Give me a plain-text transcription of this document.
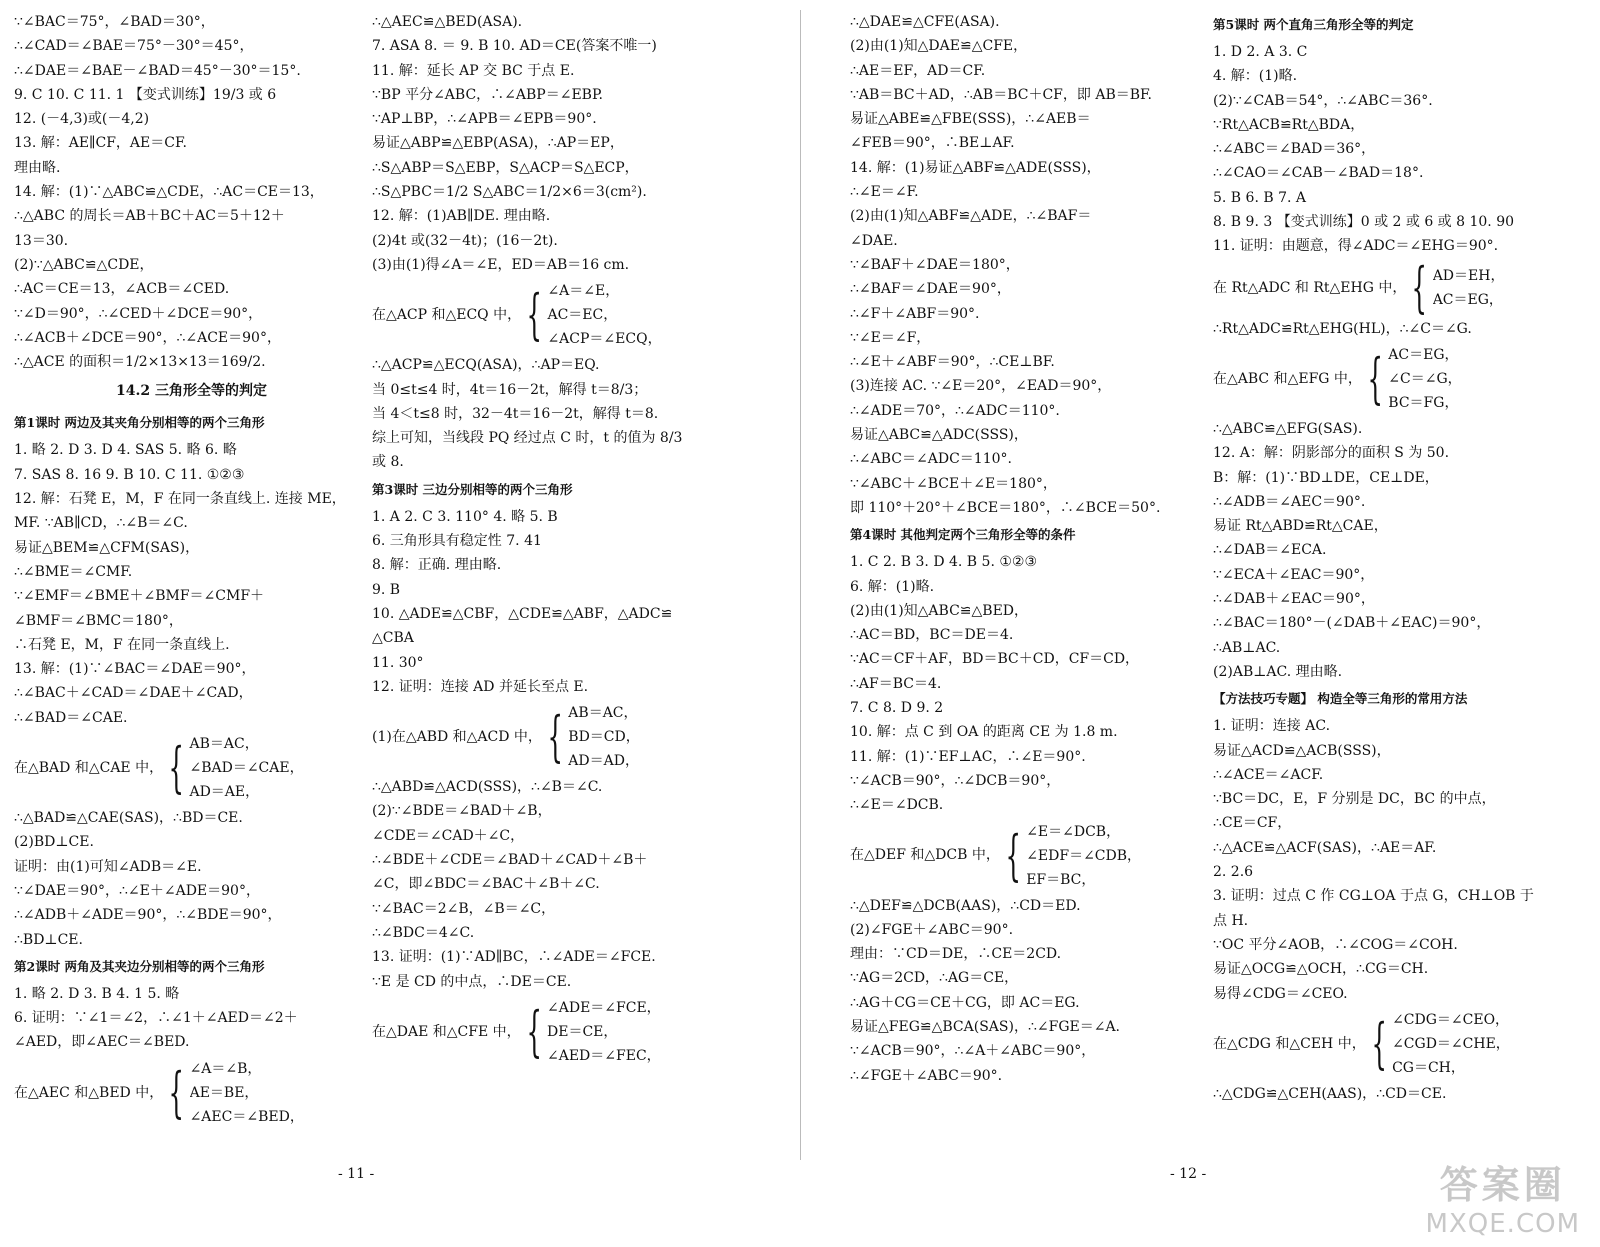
∵∠BAC＝75°，∠BAD＝30°，
∴∠CAD＝∠BAE＝75°－30°＝45°，
∴∠DAE＝∠BAE－∠BAD＝45°－30°＝15°.
9. C 10. C 11. 1 【变式训练】19/3 或 6
12. (－4,3)或(－4,2)
13. 解：AE∥CF，AE＝CF.
理由略.
14. 解：(1)∵△ABC≌△CDE，∴AC＝CE＝13，
∴△ABC 的周长＝AB＋BC＋AC＝5＋12＋
13＝30.
(2)∵△ABC≌△CDE，
∴AC＝CE＝13，∠ACB＝∠CED.
∵∠D＝90°，∴∠CED＋∠DCE＝90°，
∴∠ACB＋∠DCE＝90°，∴∠ACE＝90°，
∴△ACE 的面积＝1/2×13×13＝169/2.
14.2 三角形全等的判定
第1课时 两边及其夹角分别相等的两个三角形
1. 略 2. D 3. D 4. SAS 5. 略 6. 略
7. SAS 8. 16 9. B 10. C 11. ①②③
12. 解：石凳 E，M，F 在同一条直线上. 连接 ME，
MF. ∵AB∥CD，∴∠B＝∠C.
易证△BEM≌△CFM(SAS)，
∴∠BME＝∠CMF.
∵∠EMF＝∠BME＋∠BMF＝∠CMF＋
∠BMF＝∠BMC＝180°，
∴石凳 E，M，F 在同一条直线上.
13. 解：(1)∵∠BAC＝∠DAE＝90°，
∴∠BAC＋∠CAD＝∠DAE＋∠CAD，
∴∠BAD＝∠CAE.
在△BAD 和△CAE 中， { AB＝AC，
∠BAD＝∠CAE，
AD＝AE，
∴△BAD≌△CAE(SAS)，∴BD＝CE.
(2)BD⊥CE.
证明：由(1)可知∠ADB＝∠E.
∵∠DAE＝90°，∴∠E＋∠ADE＝90°，
∴∠ADB＋∠ADE＝90°，∴∠BDE＝90°，
∴BD⊥CE.
第2课时 两角及其夹边分别相等的两个三角形
1. 略 2. D 3. B 4. 1 5. 略
6. 证明：∵∠1＝∠2，∴∠1＋∠AED＝∠2＋
∠AED，即∠AEC＝∠BED.
在△AEC 和△BED 中， { ∠A＝∠B，
AE＝BE，
∠AEC＝∠BED，
∴△AEC≌△BED(ASA).
7. ASA 8. ＝ 9. B 10. AD＝CE(答案不唯一)
11. 解：延长 AP 交 BC 于点 E.
∵BP 平分∠ABC，∴∠ABP＝∠EBP.
∵AP⊥BP，∴∠APB＝∠EPB＝90°.
易证△ABP≌△EBP(ASA)，∴AP＝EP，
∴S△ABP＝S△EBP，S△ACP＝S△ECP，
∴S△PBC＝1/2 S△ABC＝1/2×6＝3(cm²).
12. 解：(1)AB∥DE. 理由略.
(2)4t 或(32－4t)；(16－2t).
(3)由(1)得∠A＝∠E，ED＝AB＝16 cm.
在△ACP 和△ECQ 中， { ∠A＝∠E，
AC＝EC，
∠ACP＝∠ECQ，
∴△ACP≌△ECQ(ASA)，∴AP＝EQ.
当 0≤t≤4 时，4t＝16－2t，解得 t＝8/3；
当 4＜t≤8 时，32－4t＝16－2t，解得 t＝8.
综上可知，当线段 PQ 经过点 C 时，t 的值为 8/3
或 8.
第3课时 三边分别相等的两个三角形
1. A 2. C 3. 110° 4. 略 5. B
6. 三角形具有稳定性 7. 41
8. 解：正确. 理由略.
9. B
10. △ADE≌△CBF，△CDE≌△ABF，△ADC≌
△CBA
11. 30°
12. 证明：连接 AD 并延长至点 E.
(1)在△ABD 和△ACD 中， { AB＝AC，
BD＝CD，
AD＝AD，
∴△ABD≌△ACD(SSS)，∴∠B＝∠C.
(2)∵∠BDE＝∠BAD＋∠B，
∠CDE＝∠CAD＋∠C，
∴∠BDE＋∠CDE＝∠BAD＋∠CAD＋∠B＋
∠C，即∠BDC＝∠BAC＋∠B＋∠C.
∵∠BAC＝2∠B，∠B＝∠C，
∴∠BDC＝4∠C.
13. 证明：(1)∵AD∥BC，∴∠ADE＝∠FCE.
∵E 是 CD 的中点，∴DE＝CE.
在△DAE 和△CFE 中， { ∠ADE＝∠FCE，
DE＝CE，
∠AED＝∠FEC，
∴△DAE≌△CFE(ASA).
(2)由(1)知△DAE≌△CFE，
∴AE＝EF，AD＝CF.
∵AB＝BC＋AD，∴AB＝BC＋CF，即 AB＝BF.
易证△ABE≌△FBE(SSS)，∴∠AEB＝
∠FEB＝90°，∴BE⊥AF.
14. 解：(1)易证△ABF≌△ADE(SSS)，
∴∠E＝∠F.
(2)由(1)知△ABF≌△ADE，∴∠BAF＝
∠DAE.
∵∠BAF＋∠DAE＝180°，
∴∠BAF＝∠DAE＝90°，
∴∠F＋∠ABF＝90°.
∵∠E＝∠F，
∴∠E＋∠ABF＝90°，∴CE⊥BF.
(3)连接 AC. ∵∠E＝20°，∠EAD＝90°，
∴∠ADE＝70°，∴∠ADC＝110°.
易证△ABC≌△ADC(SSS)，
∴∠ABC＝∠ADC＝110°.
∵∠ABC＋∠BCE＋∠E＝180°，
即 110°＋20°＋∠BCE＝180°，∴∠BCE＝50°.
第4课时 其他判定两个三角形全等的条件
1. C 2. B 3. D 4. B 5. ①②③
6. 解：(1)略.
(2)由(1)知△ABC≌△BED，
∴AC＝BD，BC＝DE＝4.
∵AC＝CF＋AF，BD＝BC＋CD，CF＝CD，
∴AF＝BC＝4.
7. C 8. D 9. 2
10. 解：点 C 到 OA 的距离 CE 为 1.8 m.
11. 解：(1)∵EF⊥AC，∴∠E＝90°.
∵∠ACB＝90°，∴∠DCB＝90°，
∴∠E＝∠DCB.
在△DEF 和△DCB 中， { ∠E＝∠DCB，
∠EDF＝∠CDB，
EF＝BC，
∴△DEF≌△DCB(AAS)，∴CD＝ED.
(2)∠FGE＋∠ABC＝90°.
理由：∵CD＝DE，∴CE＝2CD.
∵AG＝2CD，∴AG＝CE，
∴AG＋CG＝CE＋CG，即 AC＝EG.
易证△FEG≌△BCA(SAS)，∴∠FGE＝∠A.
∵∠ACB＝90°，∴∠A＋∠ABC＝90°，
∴∠FGE＋∠ABC＝90°.
第5课时 两个直角三角形全等的判定
1. D 2. A 3. C
4. 解：(1)略.
(2)∵∠CAB＝54°，∴∠ABC＝36°.
∵Rt△ACB≌Rt△BDA，
∴∠ABC＝∠BAD＝36°，
∴∠CAO＝∠CAB－∠BAD＝18°.
5. B 6. B 7. A
8. B 9. 3 【变式训练】0 或 2 或 6 或 8 10. 90
11. 证明：由题意，得∠ADC＝∠EHG＝90°.
在 Rt△ADC 和 Rt△EHG 中， { AD＝EH，
AC＝EG，
∴Rt△ADC≌Rt△EHG(HL)，∴∠C＝∠G.
在△ABC 和△EFG 中， { AC＝EG，
∠C＝∠G，
BC＝FG，
∴△ABC≌△EFG(SAS).
12. A：解：阴影部分的面积 S 为 50.
B：解：(1)∵BD⊥DE，CE⊥DE，
∴∠ADB＝∠AEC＝90°.
易证 Rt△ABD≌Rt△CAE，
∴∠DAB＝∠ECA.
∵∠ECA＋∠EAC＝90°，
∴∠DAB＋∠EAC＝90°，
∴∠BAC＝180°－(∠DAB＋∠EAC)＝90°，
∴AB⊥AC.
(2)AB⊥AC. 理由略.
【方法技巧专题】 构造全等三角形的常用方法
1. 证明：连接 AC.
易证△ACD≌△ACB(SSS)，
∴∠ACE＝∠ACF.
∵BC＝DC，E，F 分别是 DC，BC 的中点，
∴CE＝CF，
∴△ACE≌△ACF(SAS)，∴AE＝AF.
2. 2.6
3. 证明：过点 C 作 CG⊥OA 于点 G，CH⊥OB 于
点 H.
∵OC 平分∠AOB，∴∠COG＝∠COH.
易证△OCG≌△OCH，∴CG＝CH.
易得∠CDG＝∠CEO.
在△CDG 和△CEH 中， { ∠CDG＝∠CEO，
∠CGD＝∠CHE，
CG＝CH，
∴△CDG≌△CEH(AAS)，∴CD＝CE.
- 11 -	- 12 -	答案圈
MXQE.COM
